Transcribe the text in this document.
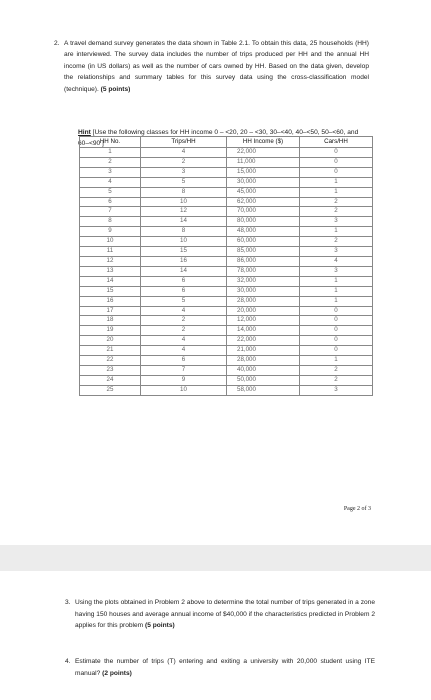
2. A travel demand survey generates the data shown in Table 2.1. To obtain this data, 25 households (HH) are interviewed. The survey data includes the number of trips produced per HH and the annual HH income (in US dollars) as well as the number of cars owned by HH. Based on the data given, develop the relationships and summary tables for this survey data using the cross-classification model (technique). (5 points)
Hint [Use the following classes for HH income 0 – <20, 20 – <30, 30–<40, 40–<50, 50–<60, and 60–<90 ]
HH No.	Trips/HH	HH Income ($)	Cars/HH
1	4	22,000	0
2	2	11,000	0
3	3	15,000	0
4	5	30,000	1
5	8	45,000	1
6	10	62,000	2
7	12	70,000	2
8	14	80,000	3
9	8	48,000	1
10	10	60,000	2
11	15	85,000	3
12	16	86,000	4
13	14	78,000	3
14	6	32,000	1
15	6	30,000	1
16	5	28,000	1
17	4	20,000	0
18	2	12,000	0
19	2	14,000	0
20	4	22,000	0
21	4	21,000	0
22	6	28,000	1
23	7	40,000	2
24	9	50,000	2
25	10	58,000	3
Page 2 of 3
3. Using the plots obtained in Problem 2 above to determine the total number of trips generated in a zone having 150 houses and average annual income of $40,000 if the characteristics predicted in Problem 2 applies for this problem (5 points)
4. Estimate the number of trips (T) entering and exiting a university with 20,000 student using ITE manual? (2 points)
